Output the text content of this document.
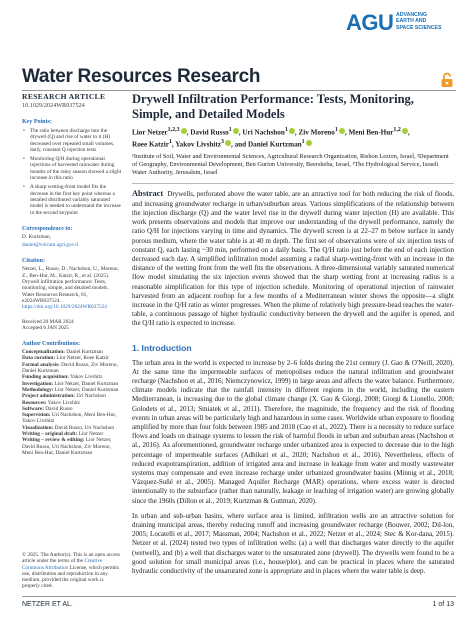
AGU ADVANCING
EARTH AND
SPACE SCIENCES
Water Resources Research
RESEARCH ARTICLE
10.1029/2024WR037524
Key Points:
• The ratio between discharge into the drywell (Q) and rise of water in it (H) decreased over repeated small volumes, daily, constant Q injection tests
• Monitoring Q/H during operational injections of harvested rainwater during months of the rainy season showed a slight increase in this ratio
• A sharp wetting-front model fits the decrease in the first key point whereas a detailed distributed variably saturated model is needed to understand the increase in the second keypoint
Correspondence to:
D. Kurtzman,
daniel@volcani.agri.gov.il
Citation:
Netzer, L., Russo, D., Nachshon, U., Moreno, Z., Ben-Hur, M., Katzir, R., et al. (2025). Drywell infiltration performance: Tests, monitoring, simple, and detailed models. Water Resources Research, 61, e2024WR037524. https://doi.org/10.1029/2024WR037524
Received 20 MAR 2024
Accepted 6 JAN 2025
Author Contributions:
Conceptualization: Daniel Kurtzman
Data curation: Lior Netzer, Roee Katzir
Formal analysis: David Russo, Ziv Moreno, Daniel Kurtzman
Funding acquisition: Yakov Livshitz
Investigation: Lior Netzer, Daniel Kurtzman
Methodology: Lior Netzer, Daniel Kurtzman
Project administration: Uri Nachshon
Resources: Yakov Livshitz
Software: David Russo
Supervision: Uri Nachshon, Meni Ben-Hur, Yakov Livshitz
Visualization: David Russo, Uri Nachshon
Writing – original draft: Lior Netzer
Writing – review & editing: Lior Netzer, David Russo, Uri Nachshon, Ziv Moreno, Meni Ben-Hur, Daniel Kurtzman
© 2025. The Author(s). This is an open access article under the terms of the Creative Commons Attribution License, which permits use, distribution and reproduction in any medium, provided the original work is properly cited.
Drywell Infiltration Performance: Tests, Monitoring, Simple, and Detailed Models
Lior Netzer$^{1,2,3}$ , David Russo$^1$ , Uri Nachshon$^1$ , Ziv Moreno$^1$ , Meni Ben-Hur$^{1,2}$ ,
Roee Katzir$^1$, Yakov Livshitz$^3$ , and Daniel Kurtzman$^1$
¹Institute of Soil, Water and Environmental Sciences, Agricultural Research Organization, Rishon Lezion, Israel, ²Department of Geography, Environmental Development, Ben Gurion University, Beersheba, Israel, ³The Hydrological Service, Israeli Water Authority, Jerusalem, Israel
Abstract Drywells, perforated above the water table, are an attractive tool for both reducing the risk of floods, and increasing groundwater recharge in urban/suburban areas. Various simplifications of the relationship between the injection discharge (Q) and the water level rise in the drywell during water injection (H) are available. This work presents observations and models that improve our understanding of the drywell performance, namely the ratio Q/H for injections varying in time and dynamics. The drywell screen is at 22–27 m below surface in sandy porous medium, where the water table is at 40 m depth. The first set of observations were of six injection tests of constant Q, each lasting ~30 min, performed on a daily basis. The Q/H ratio just before the end of each injection decreased each day. A simplified infiltration model assuming a radial sharp-wetting-front with an increase in the distance of the wetting front from the well fits the observations. A three-dimensional variably saturated numerical flow model simulating the six injection events showed that the sharp wetting front at increasing radius is a reasonable simplification for this type of injection schedule. Monitoring of operational injection of rainwater harvested from an adjacent rooftop for a few months of a Mediterranean winter shows the opposite—a slight increase in the Q/H ratio as winter progresses. When the plume of relatively high pressure-head reaches the water-table, a continuous passage of higher hydraulic conductivity between the drywell and the aquifer is opened, and the Q/H ratio is expected to increase.
1. Introduction
The urban area in the world is expected to increase by 2–6 folds during the 21st century (J. Gao & O'Neill, 2020). At the same time the impermeable surfaces of metropolises reduce the natural infiltration and groundwater recharge (Nachshon et al., 2016; Niemczynowicz, 1999) in large areas and affects the water balance. Furthermore, climate models indicate that the rainfall intensity in different regions in the world, including the eastern Mediterranean, is increasing due to the global climate change (X. Gao & Giorgi, 2008; Giorgi & Lionello, 2008; Golodets et al., 2013; Smiatek et al., 2011). Therefore, the magnitude, the frequency and the risk of flooding events in urban areas will be particularly high and hazardous in some cases. Worldwide urban exposure to flooding amplified by more than four folds between 1985 and 2018 (Cao et al., 2022). There is a necessity to reduce surface flows and loads on drainage systems to lessen the risk of harmful floods in urban and suburban areas (Nachshon et al., 2016). As aforementioned, groundwater recharge under urbanized area is expected to decrease due to the high percentage of impermeable surfaces (Adhikari et al., 2020; Nachshon et al., 2016). Nevertheless, effects of reduced evapotranspiration, addition of irrigated area and increase in leakage from water and mostly wastewater systems may compensate and even increase recharge under urbanized groundwater basins (Minnig et al., 2018; Vázquez-Suñé et al., 2005). Managed Aquifer Recharge (MAR) operations, where excess water is directed intentionally to the subsurface (rather than naturally, leakage or leaching of irrigation water) are growing globally since the 1960s (Dillon et al., 2019; Kurtzman & Guttman, 2020).
In urban and sub-urban basins, where surface area is limited, infiltration wells are an attractive solution for draining municipal areas, thereby reducing runoff and increasing groundwater recharge (Bouwer, 2002; Dil-lon, 2005; Locatelli et al., 2017; Massman, 2004; Nachshon et al., 2022; Netzer et al., 2024; Stec & Kor-dana, 2015). Netzer et al. (2024) tested two types of infiltration wells: (a) a well that discharges water directly to the aquifer (wetwell), and (b) a well that discharges water to the unsaturated zone (drywell). The drywells were found to be a good solution for small municipal areas (i.e., house/plot), and can be practical in places where the saturated hydraulic conductivity of the unsaturated zone is appropriate and in places where the water table is deep.
NETZER ET AL.	1 of 13
